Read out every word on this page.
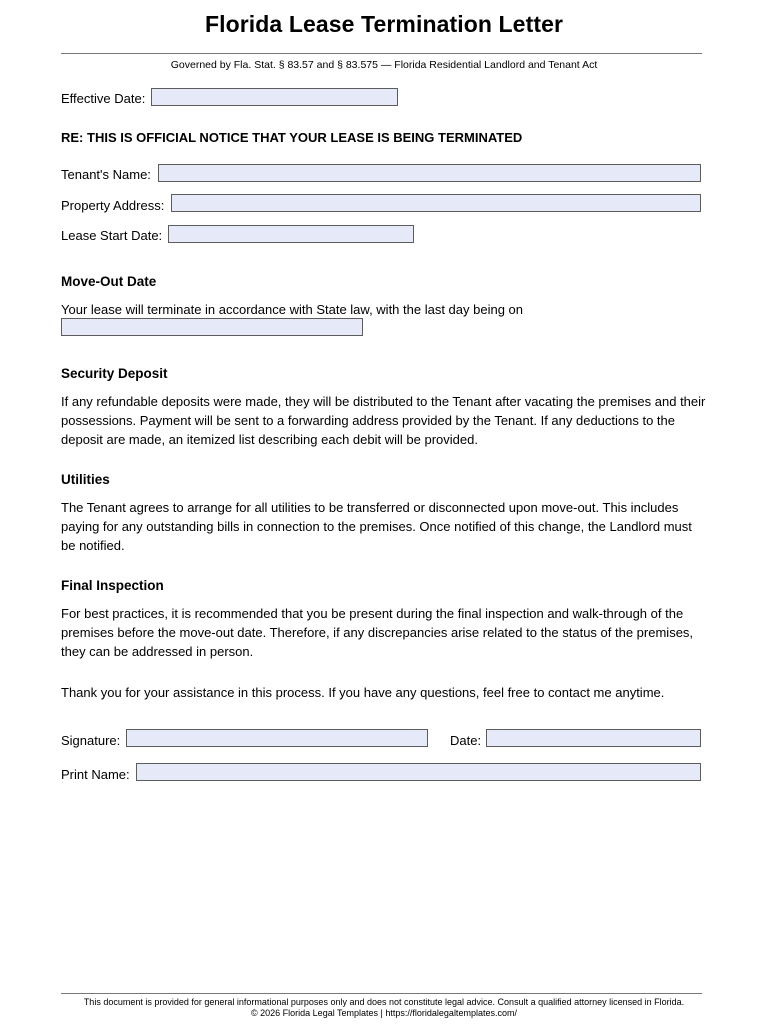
Florida Lease Termination Letter
Governed by Fla. Stat. § 83.57 and § 83.575 — Florida Residential Landlord and Tenant Act
Effective Date:
RE: THIS IS OFFICIAL NOTICE THAT YOUR LEASE IS BEING TERMINATED
Tenant's Name:
Property Address:
Lease Start Date:
Move-Out Date
Your lease will terminate in accordance with State law, with the last day being on
Security Deposit
If any refundable deposits were made, they will be distributed to the Tenant after vacating the premises and their possessions. Payment will be sent to a forwarding address provided by the Tenant. If any deductions to the deposit are made, an itemized list describing each debit will be provided.
Utilities
The Tenant agrees to arrange for all utilities to be transferred or disconnected upon move-out. This includes paying for any outstanding bills in connection to the premises. Once notified of this change, the Landlord must be notified.
Final Inspection
For best practices, it is recommended that you be present during the final inspection and walk-through of the premises before the move-out date. Therefore, if any discrepancies arise related to the status of the premises, they can be addressed in person.
Thank you for your assistance in this process. If you have any questions, feel free to contact me anytime.
Signature:	Date:
Print Name:
This document is provided for general informational purposes only and does not constitute legal advice. Consult a qualified attorney licensed in Florida.
© 2026 Florida Legal Templates | https://floridalegaltemplates.com/
